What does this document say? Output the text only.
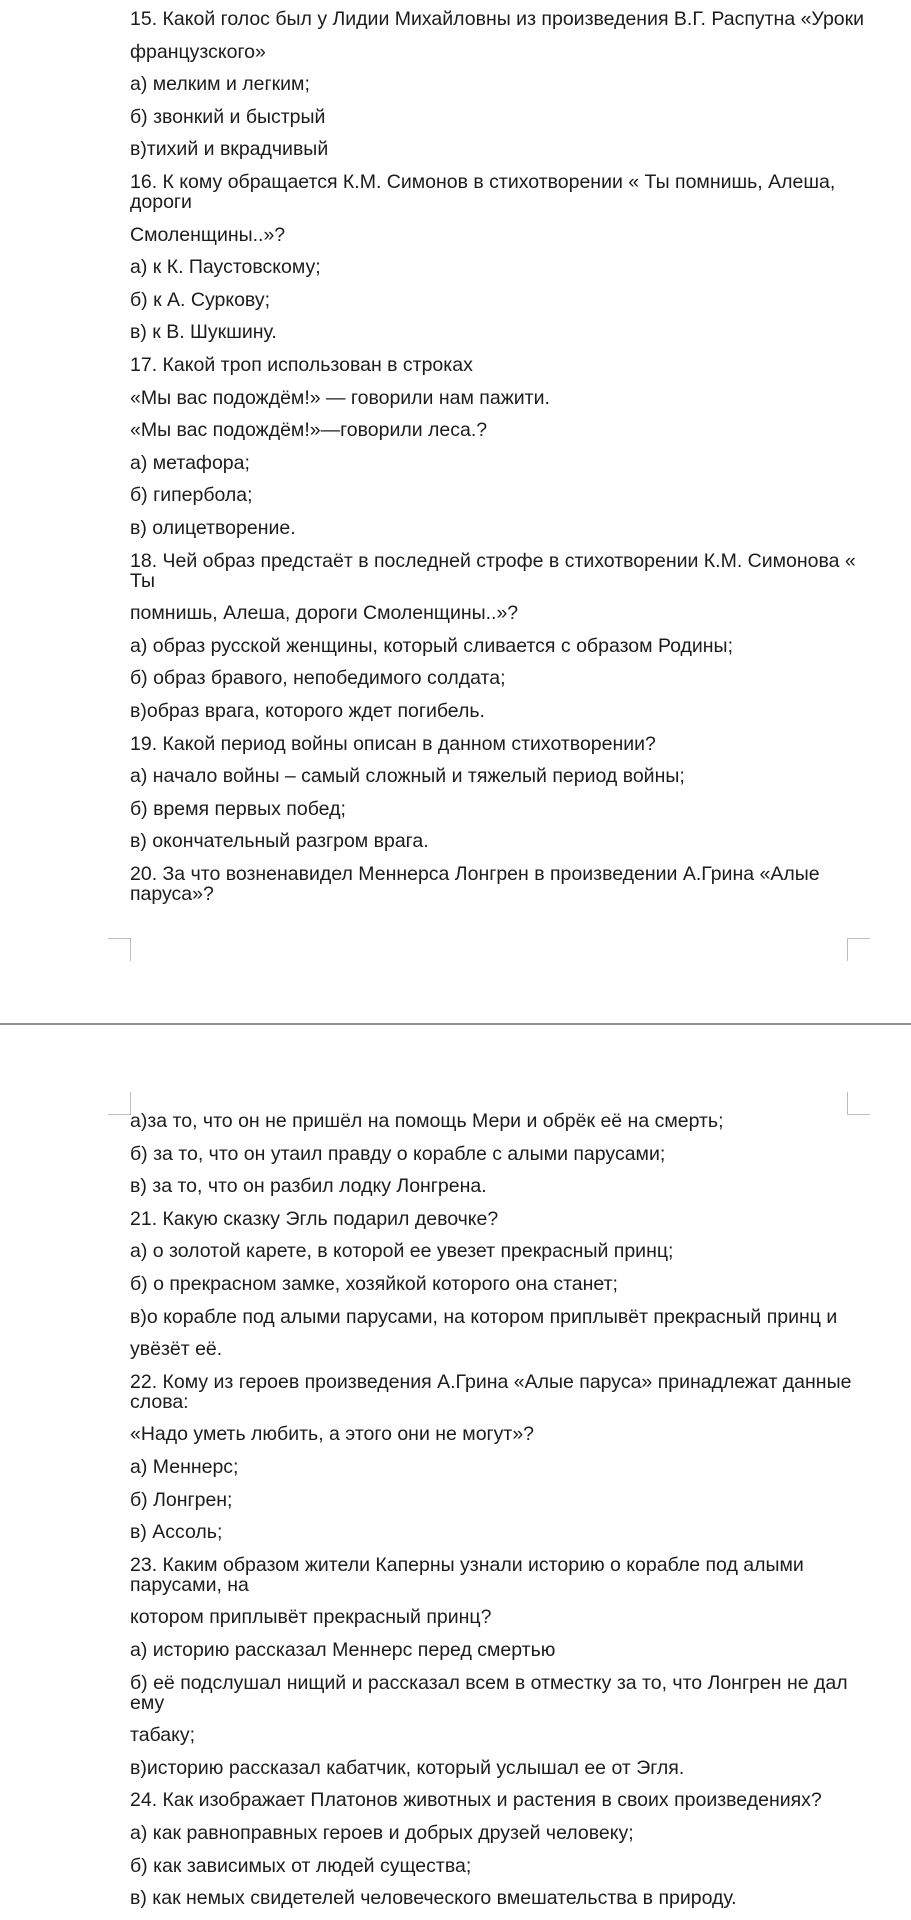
15. Какой голос был у Лидии Михайловны из произведения В.Г. Распутна «Уроки
французского»
а) мелким и легким;
б) звонкий и быстрый
в)тихий и вкрадчивый
16. К кому обращается К.М. Симонов в стихотворении « Ты помнишь, Алеша,
дороги
Смоленщины..»?
а) к К. Паустовскому;
б) к А. Суркову;
в) к В. Шукшину.
17. Какой троп использован в строках
«Мы вас подождём!» — говорили нам пажити.
«Мы вас подождём!»—говорили леса.?
а) метафора;
б) гипербола;
в) олицетворение.
18. Чей образ предстаёт в последней строфе в стихотворении К.М. Симонова «
Ты
помнишь, Алеша, дороги Смоленщины..»?
а) образ русской женщины, который сливается с образом Родины;
б) образ бравого, непобедимого солдата;
в)образ врага, которого ждет погибель.
19. Какой период войны описан в данном стихотворении?
а) начало войны – самый сложный и тяжелый период войны;
б) время первых побед;
в) окончательный разгром врага.
20. За что возненавидел Меннерса Лонгрен в произведении А.Грина «Алые
паруса»?
а)за то, что он не пришёл на помощь Мери и обрёк её на смерть;
б) за то, что он утаил правду о корабле с алыми парусами;
в) за то, что он разбил лодку Лонгрена.
21. Какую сказку Эгль подарил девочке?
а) о золотой карете, в которой ее увезет прекрасный принц;
б) о прекрасном замке, хозяйкой которого она станет;
в)о корабле под алыми парусами, на котором приплывёт прекрасный принц и
увёзёт её.
22. Кому из героев произведения А.Грина «Алые паруса» принадлежат данные
слова:
«Надо уметь любить, а этого они не могут»?
а) Меннерс;
б) Лонгрен;
в) Ассоль;
23. Каким образом жители Каперны узнали историю о корабле под алыми
парусами, на
котором приплывёт прекрасный принц?
а) историю рассказал Меннерс перед смертью
б) её подслушал нищий и рассказал всем в отместку за то, что Лонгрен не дал
ему
табаку;
в)историю рассказал кабатчик, который услышал ее от Эгля.
24. Как изображает Платонов животных и растения в своих произведениях?
а) как равноправных героев и добрых друзей человеку;
б) как зависимых от людей существа;
в) как немых свидетелей человеческого вмешательства в природу.
